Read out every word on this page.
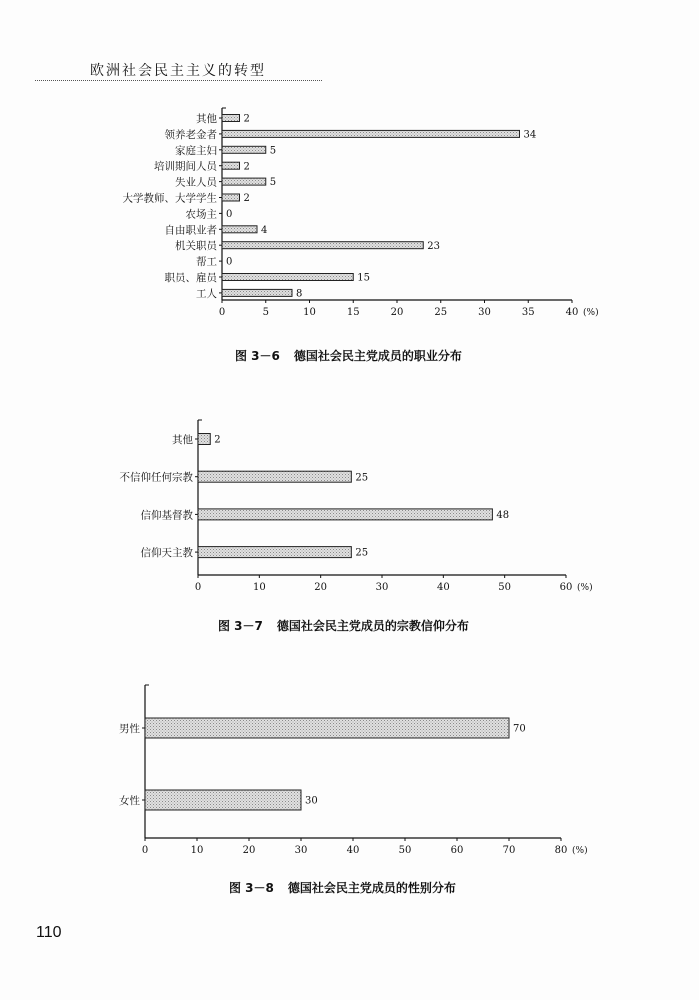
欧洲社会民主主义的转型
0	5	10	15	20	25	30	35	40 (%)
其他	2
领养老金者	34
家庭主妇	5
培训期间人员	2
失业人员	5
大学教师、大学学生	2
农场主 0
自由职业者	4
机关职员	23
帮工 0
职员、雇员	15
工人	8
0	10	20	30	40	50	60 (%)
其他 2
不信仰任何宗教	25
信仰基督教	48
信仰天主教	25
0	10	20	30	40	50	60	70	80 (%)
男性	70
女性	30
图 3－6 德国社会民主党成员的职业分布
图 3－7 德国社会民主党成员的宗教信仰分布
图 3－8 德国社会民主党成员的性别分布
110
